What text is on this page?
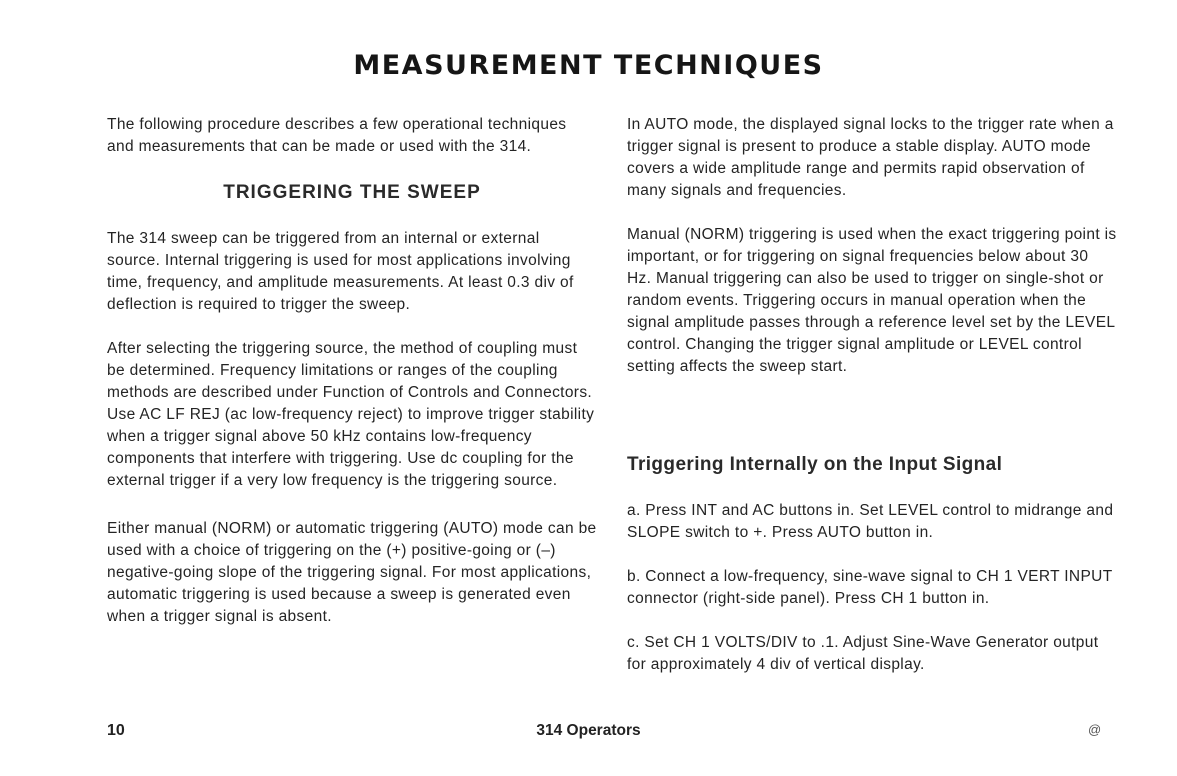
MEASUREMENT TECHNIQUES

The following procedure describes a few operational techniques and measurements that can be made or used with the 314.

TRIGGERING THE SWEEP

The 314 sweep can be triggered from an internal or external source. Internal triggering is used for most applications involving time, frequency, and amplitude measurements. At least 0.3 div of deflection is required to trigger the sweep.

After selecting the triggering source, the method of coupling must be determined. Frequency limitations or ranges of the coupling methods are described under Function of Controls and Connectors. Use AC LF REJ (ac low-frequency reject) to improve trigger stability when a trigger signal above 50 kHz contains low-frequency components that interfere with triggering. Use dc coupling for the external trigger if a very low frequency is the triggering source.

Either manual (NORM) or automatic triggering (AUTO) mode can be used with a choice of triggering on the (+) positive-going or (–) negative-going slope of the triggering signal. For most applications, automatic triggering is used because a sweep is generated even when a trigger signal is absent.

In AUTO mode, the displayed signal locks to the trigger rate when a trigger signal is present to produce a stable display. AUTO mode covers a wide amplitude range and permits rapid observation of many signals and frequencies.

Manual (NORM) triggering is used when the exact triggering point is important, or for triggering on signal frequencies below about 30 Hz. Manual triggering can also be used to trigger on single-shot or random events. Triggering occurs in manual operation when the signal amplitude passes through a reference level set by the LEVEL control. Changing the trigger signal amplitude or LEVEL control setting affects the sweep start.

Triggering Internally on the Input Signal

a. Press INT and AC buttons in. Set LEVEL control to midrange and SLOPE switch to +. Press AUTO button in.

b. Connect a low-frequency, sine-wave signal to CH 1 VERT INPUT connector (right-side panel). Press CH 1 button in.

c. Set CH 1 VOLTS/DIV to .1. Adjust Sine-Wave Generator output for approximately 4 div of vertical display.

10	314 Operators	@
